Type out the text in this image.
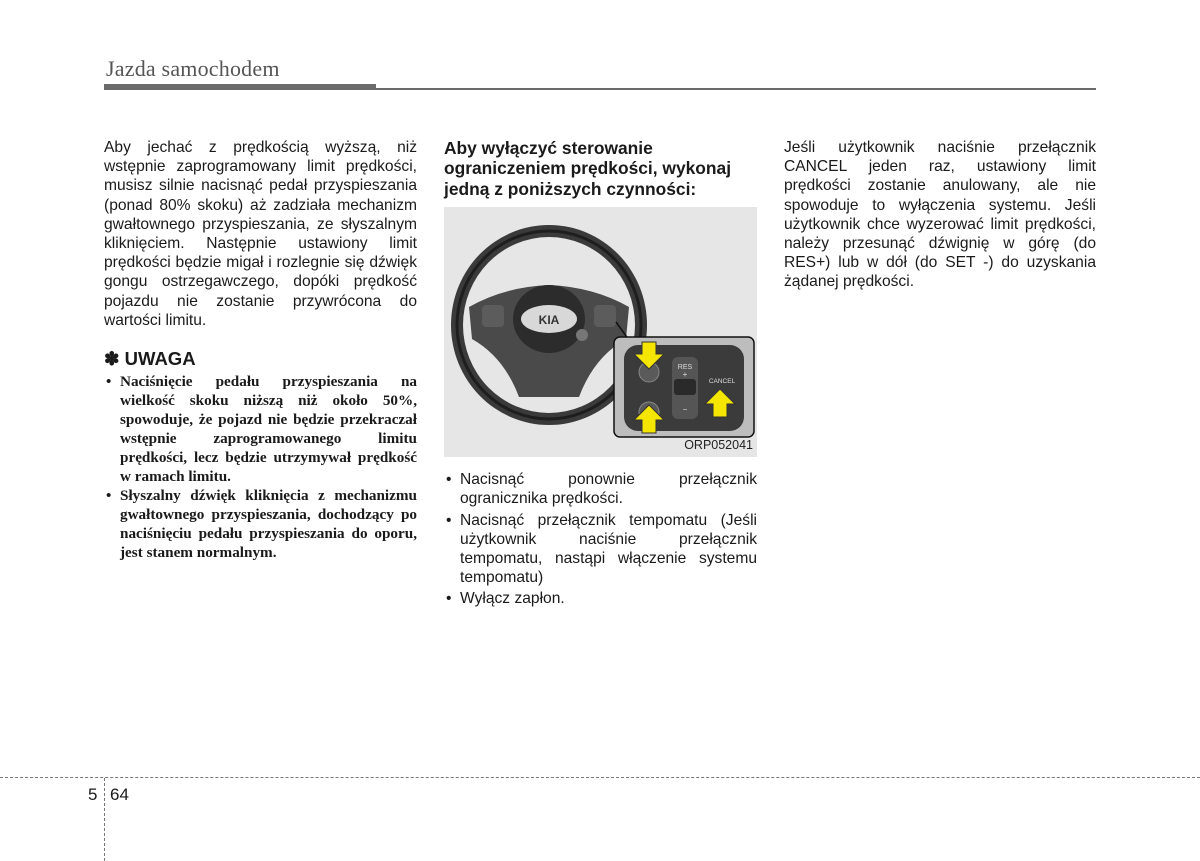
Jazda samochodem

Aby jechać z prędkością wyższą, niż wstępnie zaprogramowany limit prędkości, musisz silnie nacisnąć pedał przyspieszania (ponad 80% skoku) aż zadziała mechanizm gwałtownego przyspieszania, ze słyszalnym kliknięciem. Następnie ustawiony limit prędkości będzie migał i rozlegnie się dźwięk gongu ostrzegawczego, dopóki prędkość pojazdu nie zostanie przywrócona do wartości limitu.

✽ UWAGA
• Naciśnięcie pedału przyspieszania na wielkość skoku niższą niż około 50%, spowoduje, że pojazd nie będzie przekraczał wstępnie zaprogramowanego limitu prędkości, lecz będzie utrzymywał prędkość w ramach limitu.
• Słyszalny dźwięk kliknięcia z mechanizmu gwałtownego przyspieszania, dochodzący po naciśnięciu pedału przyspieszania do oporu, jest stanem normalnym.

Aby wyłączyć sterowanie ograniczeniem prędkości, wykonaj jedną z poniższych czynności:

KIA
RES
+
−
CANCEL
ORP052041
• Nacisnąć ponownie przełącznik ogranicznika prędkości.
• Nacisnąć przełącznik tempomatu (Jeśli użytkownik naciśnie przełącznik tempomatu, nastąpi włączenie systemu tempomatu)
• Wyłącz zapłon.

Jeśli użytkownik naciśnie przełącznik CANCEL jeden raz, ustawiony limit prędkości zostanie anulowany, ale nie spowoduje to wyłączenia systemu. Jeśli użytkownik chce wyzerować limit prędkości, należy przesunąć dźwignię w górę (do RES+) lub w dół (do SET -) do uzyskania żądanej prędkości.

5 64
